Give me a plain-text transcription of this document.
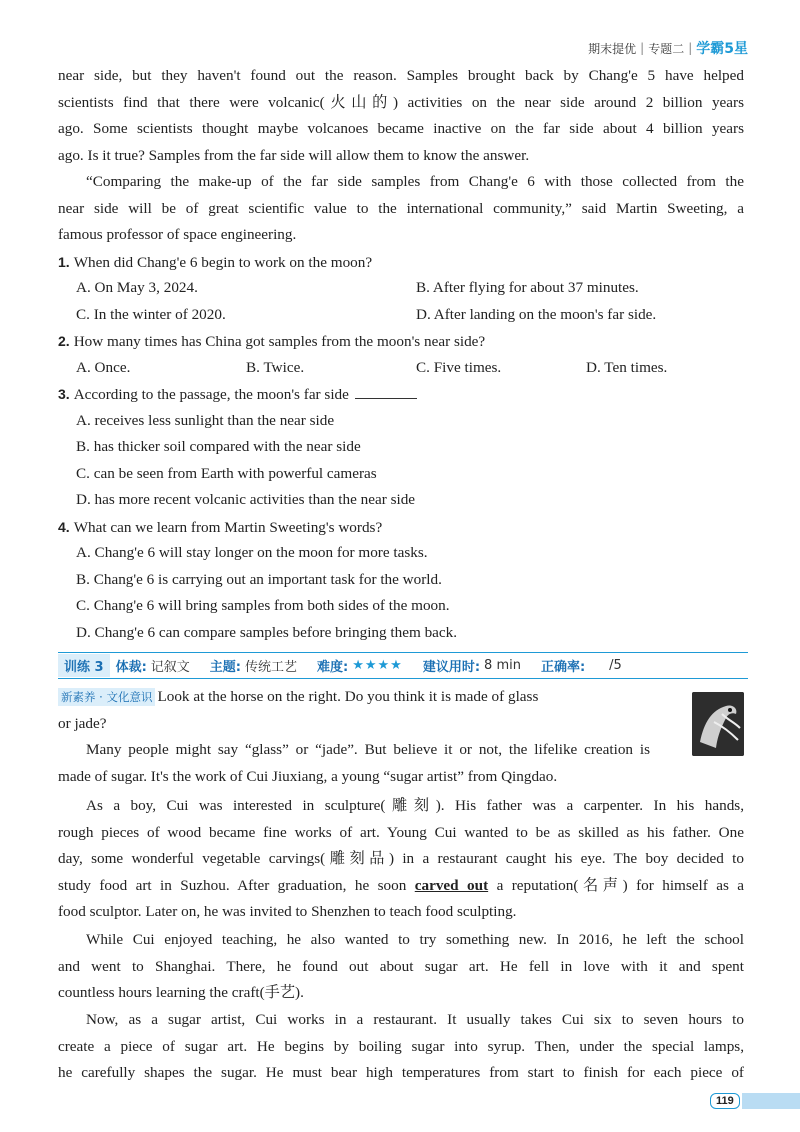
期末提优 | 专题二 | 学霸5星
near side, but they haven't found out the reason. Samples brought back by Chang'e 5 have helped
scientists find that there were volcanic(火山的) activities on the near side around 2 billion years
ago. Some scientists thought maybe volcanoes became inactive on the far side about 4 billion years
ago. Is it true? Samples from the far side will allow them to know the answer.
“Comparing the make-up of the far side samples from Chang'e 6 with those collected from the
near side will be of great scientific value to the international community,” said Martin Sweeting, a
famous professor of space engineering.
1. When did Chang'e 6 begin to work on the moon?
A. On May 3, 2024.	B. After flying for about 37 minutes.
C. In the winter of 2020.	D. After landing on the moon's far side.
2. How many times has China got samples from the moon's near side?
A. Once.	B. Twice.	C. Five times.	D. Ten times.
3. According to the passage, the moon's far side
A. receives less sunlight than the near side
B. has thicker soil compared with the near side
C. can be seen from Earth with powerful cameras
D. has more recent volcanic activities than the near side
4. What can we learn from Martin Sweeting's words?
A. Chang'e 6 will stay longer on the moon for more tasks.
B. Chang'e 6 is carrying out an important task for the world.
C. Chang'e 6 will bring samples from both sides of the moon.
D. Chang'e 6 can compare samples before bringing them back.
训练 3 体裁: 记叙文 主题: 传统工艺 难度: ★★★★ 建议用时: 8 min 正确率: /5
新素养 · 文化意识 Look at the horse on the right. Do you think it is made of glass
or jade?
Many people might say “glass” or “jade”. But believe it or not, the lifelike creation is
made of sugar. It's the work of Cui Jiuxiang, a young “sugar artist” from Qingdao.
As a boy, Cui was interested in sculpture(雕刻). His father was a carpenter. In his hands,
rough pieces of wood became fine works of art. Young Cui wanted to be as skilled as his father. One
day, some wonderful vegetable carvings(雕刻品) in a restaurant caught his eye. The boy decided to
study food art in Suzhou. After graduation, he soon carved out a reputation(名声) for himself as a
food sculptor. Later on, he was invited to Shenzhen to teach food sculpting.
While Cui enjoyed teaching, he also wanted to try something new. In 2016, he left the school
and went to Shanghai. There, he found out about sugar art. He fell in love with it and spent
countless hours learning the craft(手艺).
Now, as a sugar artist, Cui works in a restaurant. It usually takes Cui six to seven hours to
create a piece of sugar art. He begins by boiling sugar into syrup. Then, under the special lamps,
he carefully shapes the sugar. He must bear high temperatures from start to finish for each piece of
119
